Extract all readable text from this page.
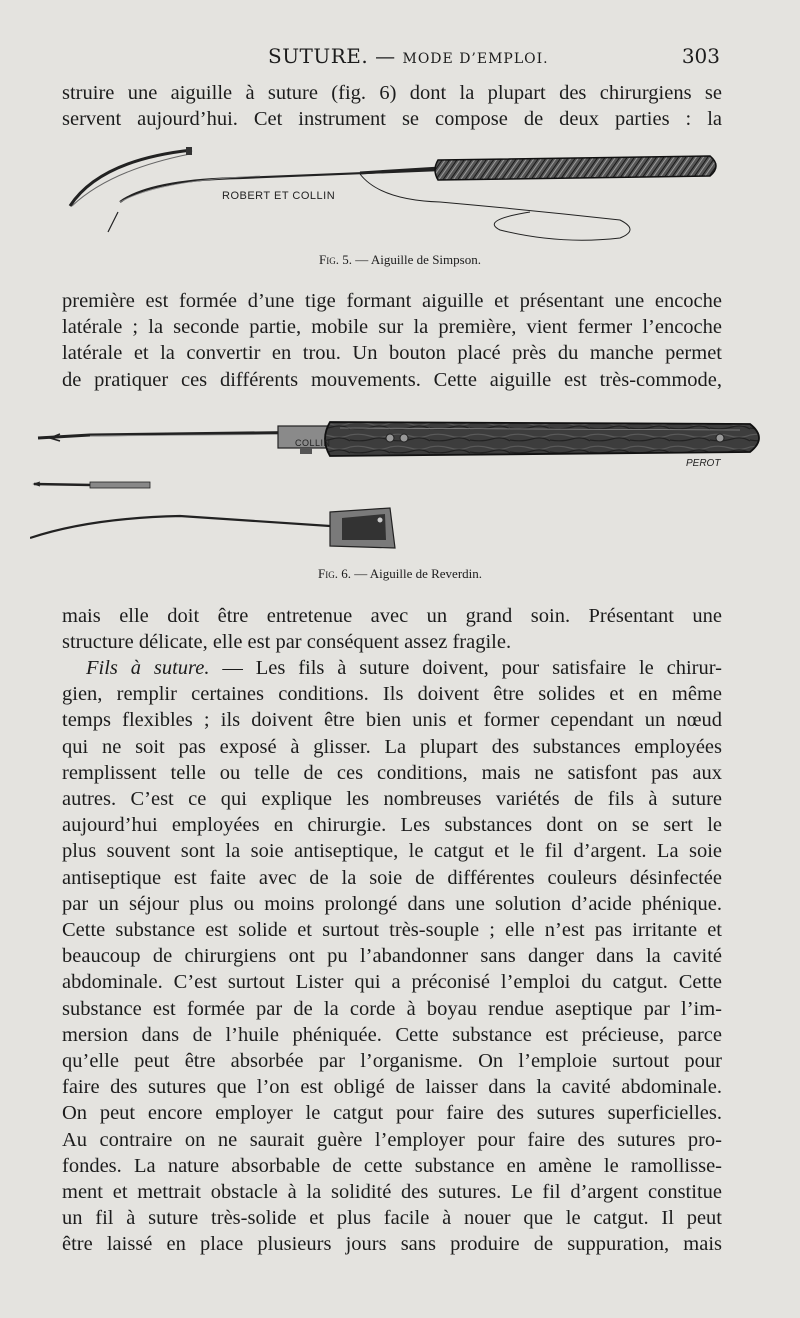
SUTURE. — MODE D’EMPLOI.	303
struire une aiguille à suture (fig. 6) dont la plupart des chirurgiens se
servent aujourd’hui. Cet instrument se compose de deux parties : la
ROBERT ET COLLIN
Fig. 5. — Aiguille de Simpson.
première est formée d’une tige formant aiguille et présentant une encoche
latérale ; la seconde partie, mobile sur la première, vient fermer l’encoche
latérale et la convertir en trou. Un bouton placé près du manche permet
de pratiquer ces différents mouvements. Cette aiguille est très-commode,
COLLIN
PEROT
Fig. 6. — Aiguille de Reverdin.
mais elle doit être entretenue avec un grand soin. Présentant une
structure délicate, elle est par conséquent assez fragile.
Fils à suture. — Les fils à suture doivent, pour satisfaire le chirur-
gien, remplir certaines conditions. Ils doivent être solides et en même
temps flexibles ; ils doivent être bien unis et former cependant un nœud
qui ne soit pas exposé à glisser. La plupart des substances employées
remplissent telle ou telle de ces conditions, mais ne satisfont pas aux
autres. C’est ce qui explique les nombreuses variétés de fils à suture
aujourd’hui employées en chirurgie. Les substances dont on se sert le
plus souvent sont la soie antiseptique, le catgut et le fil d’argent. La soie
antiseptique est faite avec de la soie de différentes couleurs désinfectée
par un séjour plus ou moins prolongé dans une solution d’acide phénique.
Cette substance est solide et surtout très-souple ; elle n’est pas irritante et
beaucoup de chirurgiens ont pu l’abandonner sans danger dans la cavité
abdominale. C’est surtout Lister qui a préconisé l’emploi du catgut. Cette
substance est formée par de la corde à boyau rendue aseptique par l’im-
mersion dans de l’huile phéniquée. Cette substance est précieuse, parce
qu’elle peut être absorbée par l’organisme. On l’emploie surtout pour
faire des sutures que l’on est obligé de laisser dans la cavité abdominale.
On peut encore employer le catgut pour faire des sutures superficielles.
Au contraire on ne saurait guère l’employer pour faire des sutures pro-
fondes. La nature absorbable de cette substance en amène le ramollisse-
ment et mettrait obstacle à la solidité des sutures. Le fil d’argent constitue
un fil à suture très-solide et plus facile à nouer que le catgut. Il peut
être laissé en place plusieurs jours sans produire de suppuration, mais
